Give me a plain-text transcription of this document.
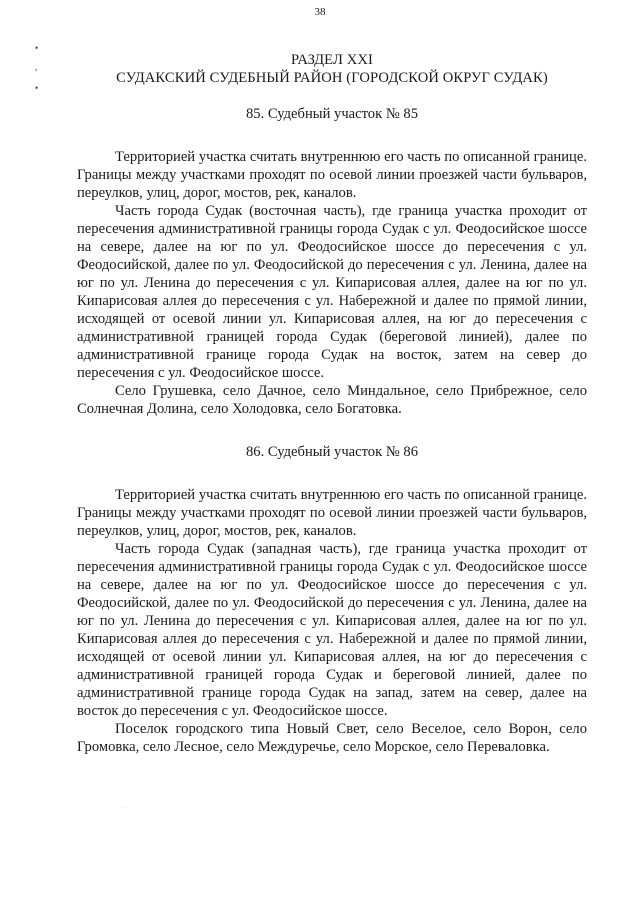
38
•
,
•
РАЗДЕЛ XXI
СУДАКСКИЙ СУДЕБНЫЙ РАЙОН (ГОРОДСКОЙ ОКРУГ СУДАК)
85. Судебный участок № 85

Территорией участка считать внутреннюю его часть по описанной границе. Границы между участками проходят по осевой линии проезжей части бульваров, переулков, улиц, дорог, мостов, рек, каналов.

Часть города Судак (восточная часть), где граница участка проходит от пересечения административной границы города Судак с ул. Феодосийское шоссе на севере, далее на юг по ул. Феодосийское шоссе до пересечения с ул. Феодосийской, далее по ул. Феодосийской до пересечения с ул. Ленина, далее на юг по ул. Ленина до пересечения с ул. Кипарисовая аллея, далее на юг по ул. Кипарисовая аллея до пересечения с ул. Набережной и далее по прямой линии, исходящей от осевой линии ул. Кипарисовая аллея, на юг до пересечения с административной границей города Судак (береговой линией), далее по административной границе города Судак на восток, затем на север до пересечения с ул. Феодосийское шоссе.

Село Грушевка, село Дачное, село Миндальное, село Прибрежное, село Солнечная Долина, село Холодовка, село Богатовка.

86. Судебный участок № 86

Территорией участка считать внутреннюю его часть по описанной границе. Границы между участками проходят по осевой линии проезжей части бульваров, переулков, улиц, дорог, мостов, рек, каналов.

Часть города Судак (западная часть), где граница участка проходит от пересечения административной границы города Судак с ул. Феодосийское шоссе на севере, далее на юг по ул. Феодосийское шоссе до пересечения с ул. Феодосийской, далее по ул. Феодосийской до пересечения с ул. Ленина, далее на юг по ул. Ленина до пересечения с ул. Кипарисовая аллея, далее на юг по ул. Кипарисовая аллея до пересечения с ул. Набережной и далее по прямой линии, исходящей от осевой линии ул. Кипарисовая аллея, на юг до пересечения с административной границей города Судак и береговой линией, далее по административной границе города Судак на запад, затем на север, далее на восток до пересечения с ул. Феодосийское шоссе.

Поселок городского типа Новый Свет, село Веселое, село Ворон, село Громовка, село Лесное, село Междуречье, село Морское, село Переваловка.

· ·
